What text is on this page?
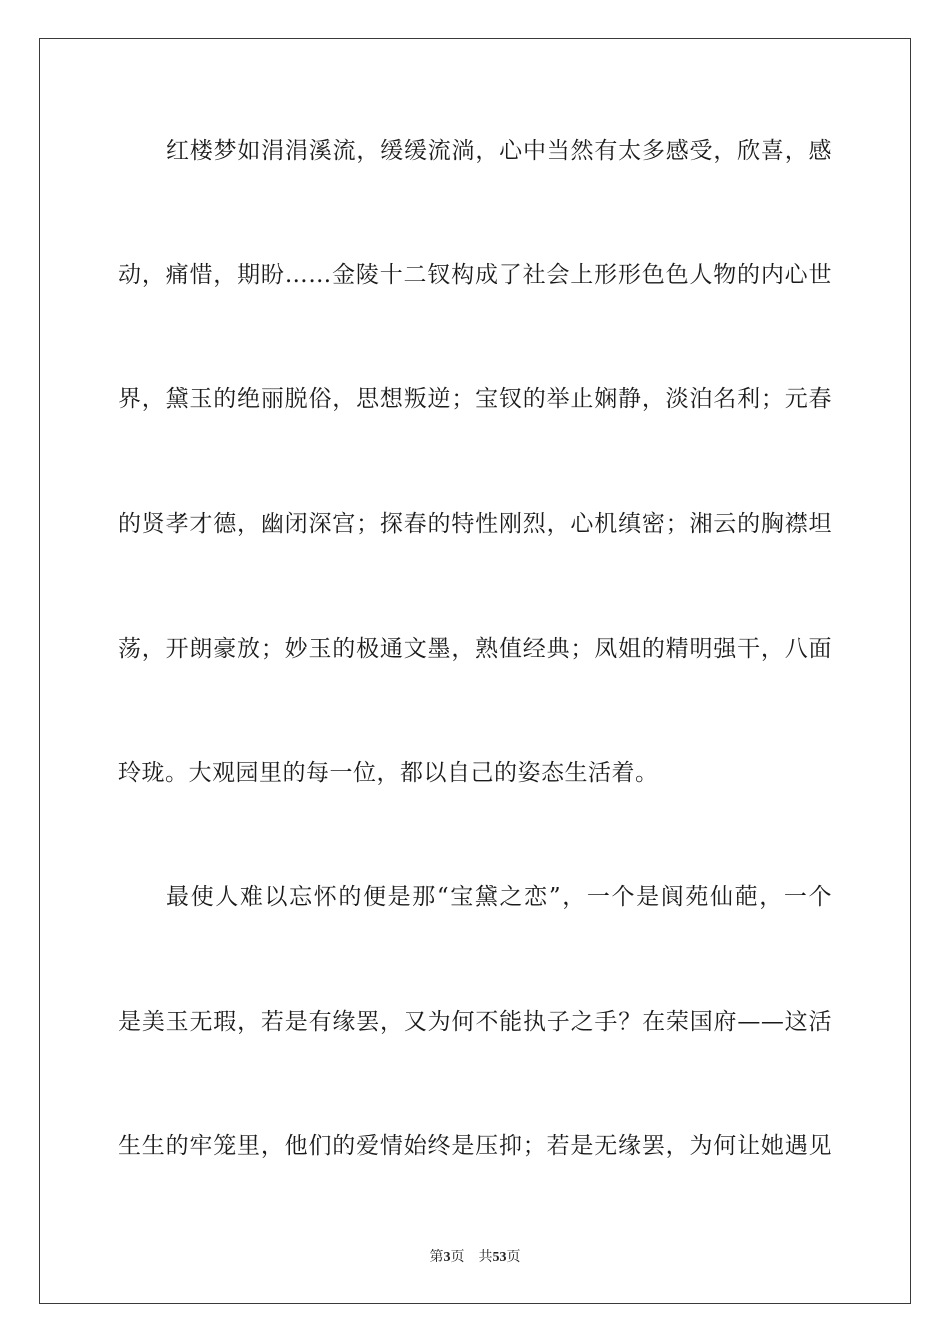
红楼梦如涓涓溪流，缓缓流淌，心中当然有太多感受，欣喜，感
动，痛惜，期盼……金陵十二钗构成了社会上形形色色人物的内心世
界，黛玉的绝丽脱俗，思想叛逆；宝钗的举止娴静，淡泊名利；元春
的贤孝才德，幽闭深宫；探春的特性刚烈，心机缜密；湘云的胸襟坦
荡，开朗豪放；妙玉的极通文墨，熟值经典；凤姐的精明强干，八面
玲珑。大观园里的每一位，都以自己的姿态生活着。
最使人难以忘怀的便是那“宝黛之恋”，一个是阆苑仙葩，一个
是美玉无瑕，若是有缘罢，又为何不能执子之手？在荣国府——这活
生生的牢笼里，他们的爱情始终是压抑；若是无缘罢，为何让她遇见
第3页 共53页
